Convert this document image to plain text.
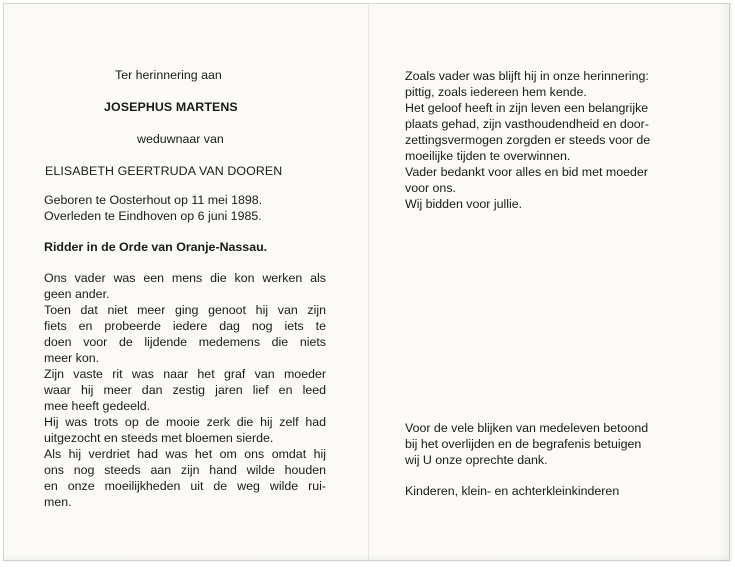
Ter herinnering aan

JOSEPHUS MARTENS

weduwnaar van

ELISABETH GEERTRUDA VAN DOOREN

Geboren te Oosterhout op 11 mei 1898.

Overleden te Eindhoven op 6 juni 1985.

Ridder in de Orde van Oranje-Nassau.

Ons vader was een mens die kon werken als
geen ander.
Toen dat niet meer ging genoot hij van zijn
fiets en probeerde iedere dag nog iets te
doen voor de lijdende medemens die niets
meer kon.
Zijn vaste rit was naar het graf van moeder
waar hij meer dan zestig jaren lief en leed
mee heeft gedeeld.
Hij was trots op de mooie zerk die hij zelf had
uitgezocht en steeds met bloemen sierde.
Als hij verdriet had was het om ons omdat hij
ons nog steeds aan zijn hand wilde houden
en onze moeilijkheden uit de weg wilde rui-
men.
Zoals vader was blijft hij in onze herinnering:
pittig, zoals iedereen hem kende.
Het geloof heeft in zijn leven een belangrijke
plaats gehad, zijn vasthoudendheid en door-
zettingsvermogen zorgden er steeds voor de
moeilijke tijden te overwinnen.
Vader bedankt voor alles en bid met moeder
voor ons.
Wij bidden voor jullie.
Voor de vele blijken van medeleven betoond
bij het overlijden en de begrafenis betuigen
wij U onze oprechte dank.

Kinderen, klein- en achterkleinkinderen
